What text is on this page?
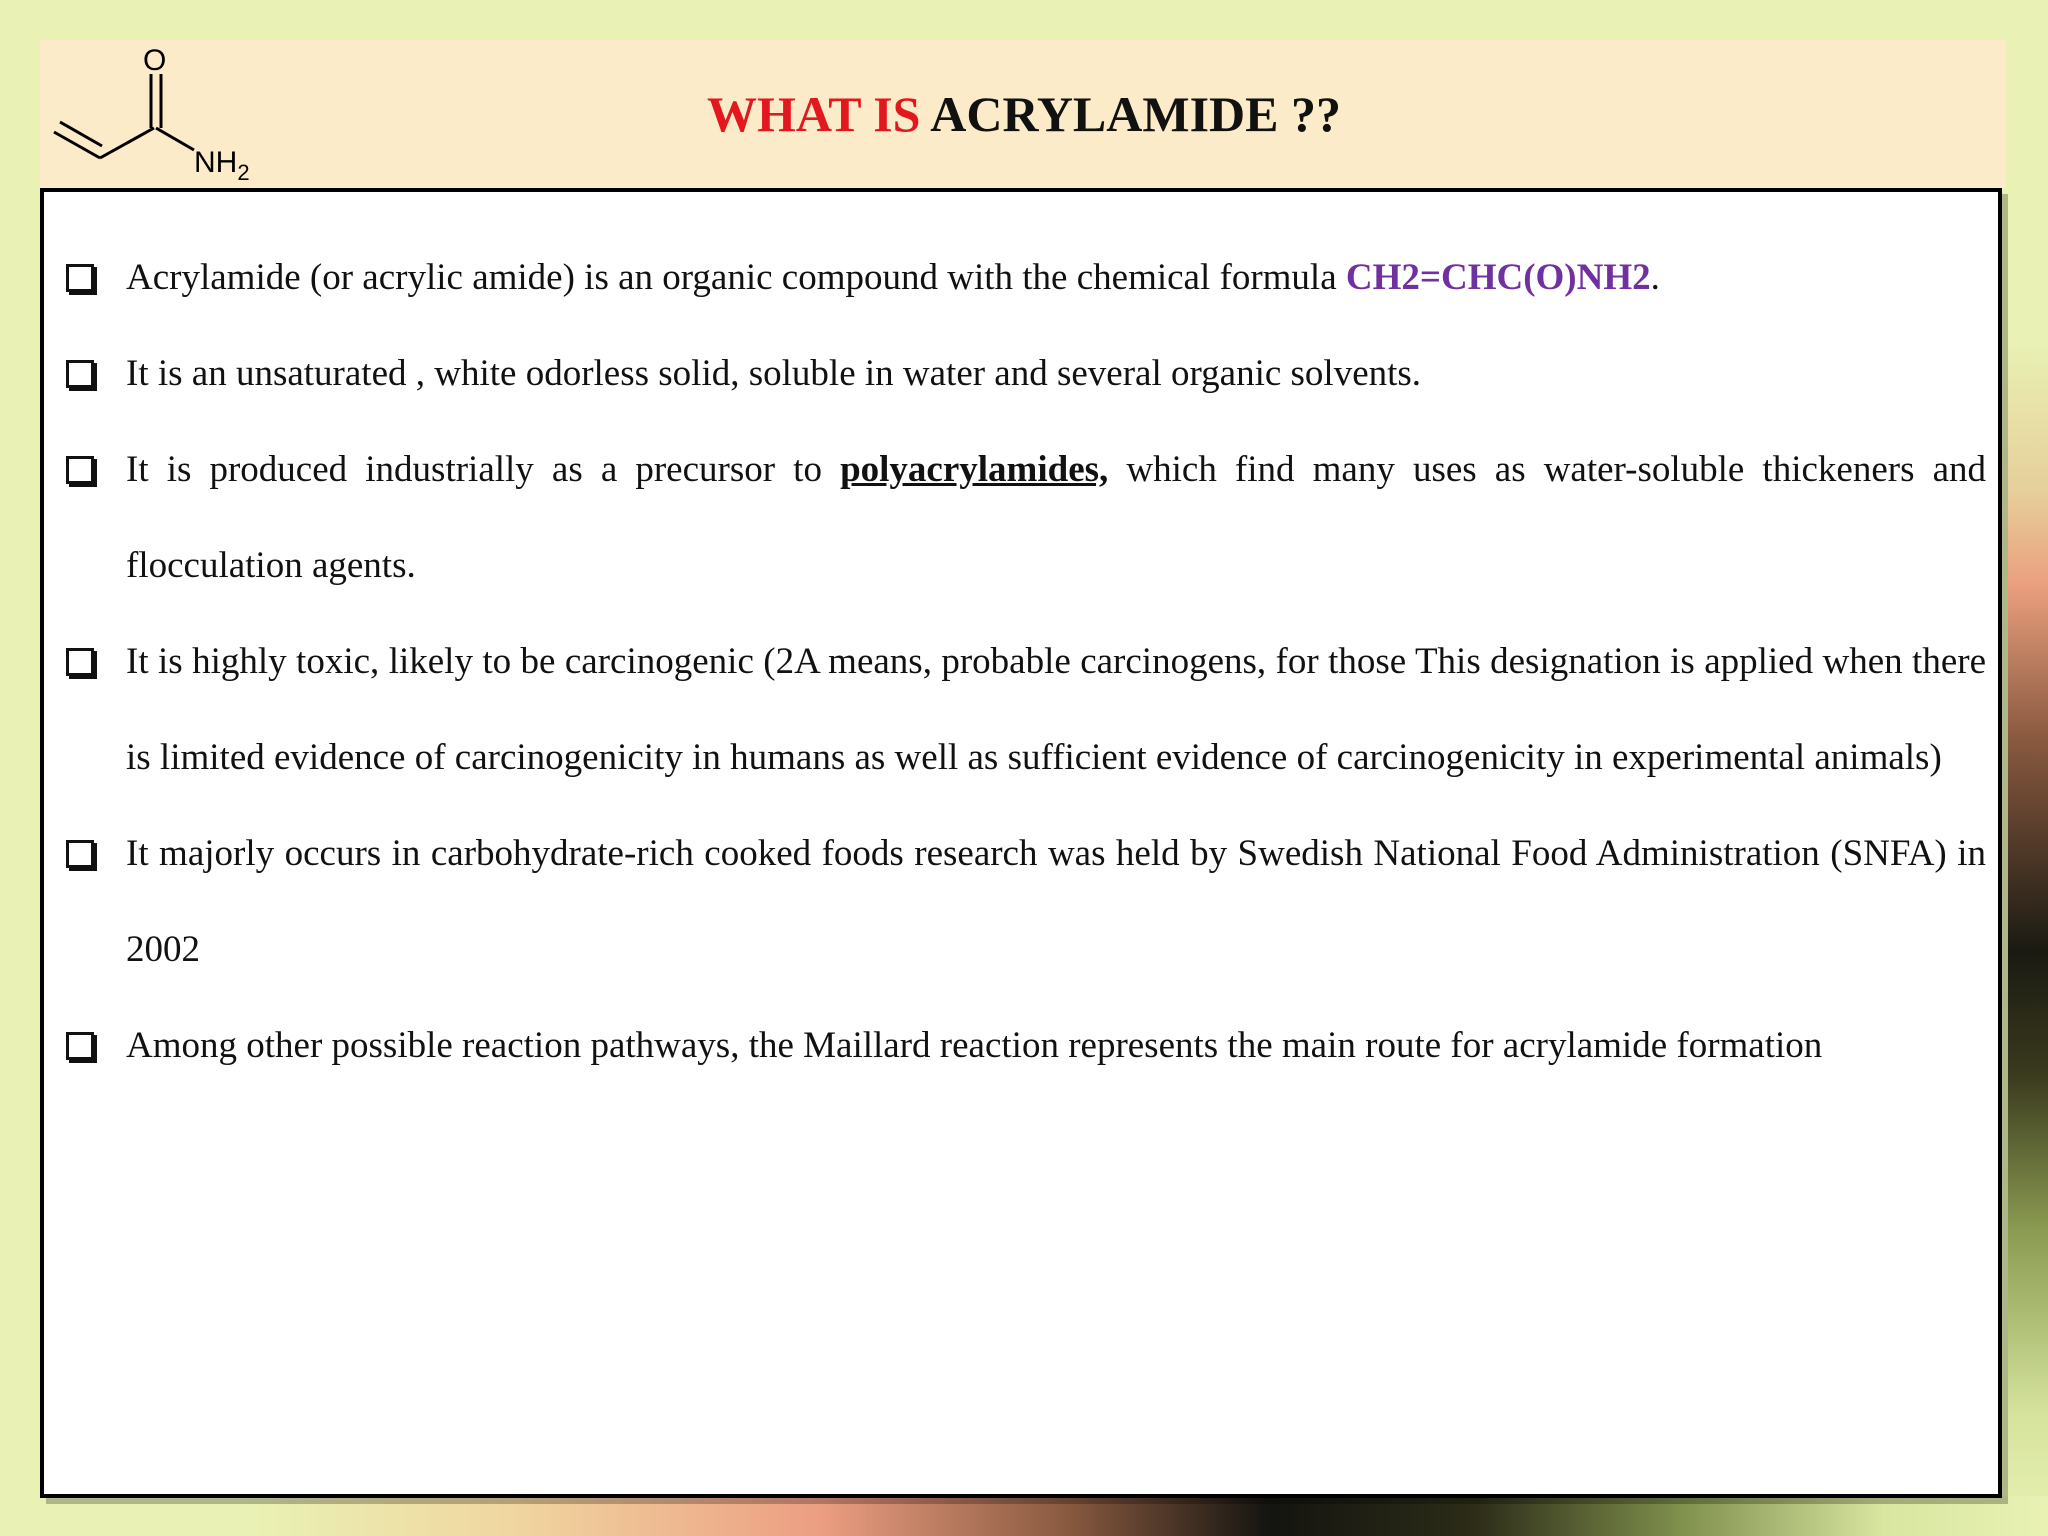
O
$NH_2$
WHAT IS ACRYLAMIDE ??
Acrylamide (or acrylic amide) is an organic compound with the chemical formula CH2=CHC(O)NH2.
It is an unsaturated , white odorless solid, soluble in water and several organic solvents.
It is produced industrially as a precursor to polyacrylamides, which find many uses as water-soluble thickeners and flocculation agents.
It is highly toxic, likely to be carcinogenic (2A means, probable carcinogens, for those This designation is applied when there is limited evidence of carcinogenicity in humans as well as sufficient evidence of carcinogenicity in experimental animals)
It majorly occurs in carbohydrate-rich cooked foods research was held by Swedish National Food Administration (SNFA) in 2002
Among other possible reaction pathways, the Maillard reaction represents the main route for acrylamide formation
